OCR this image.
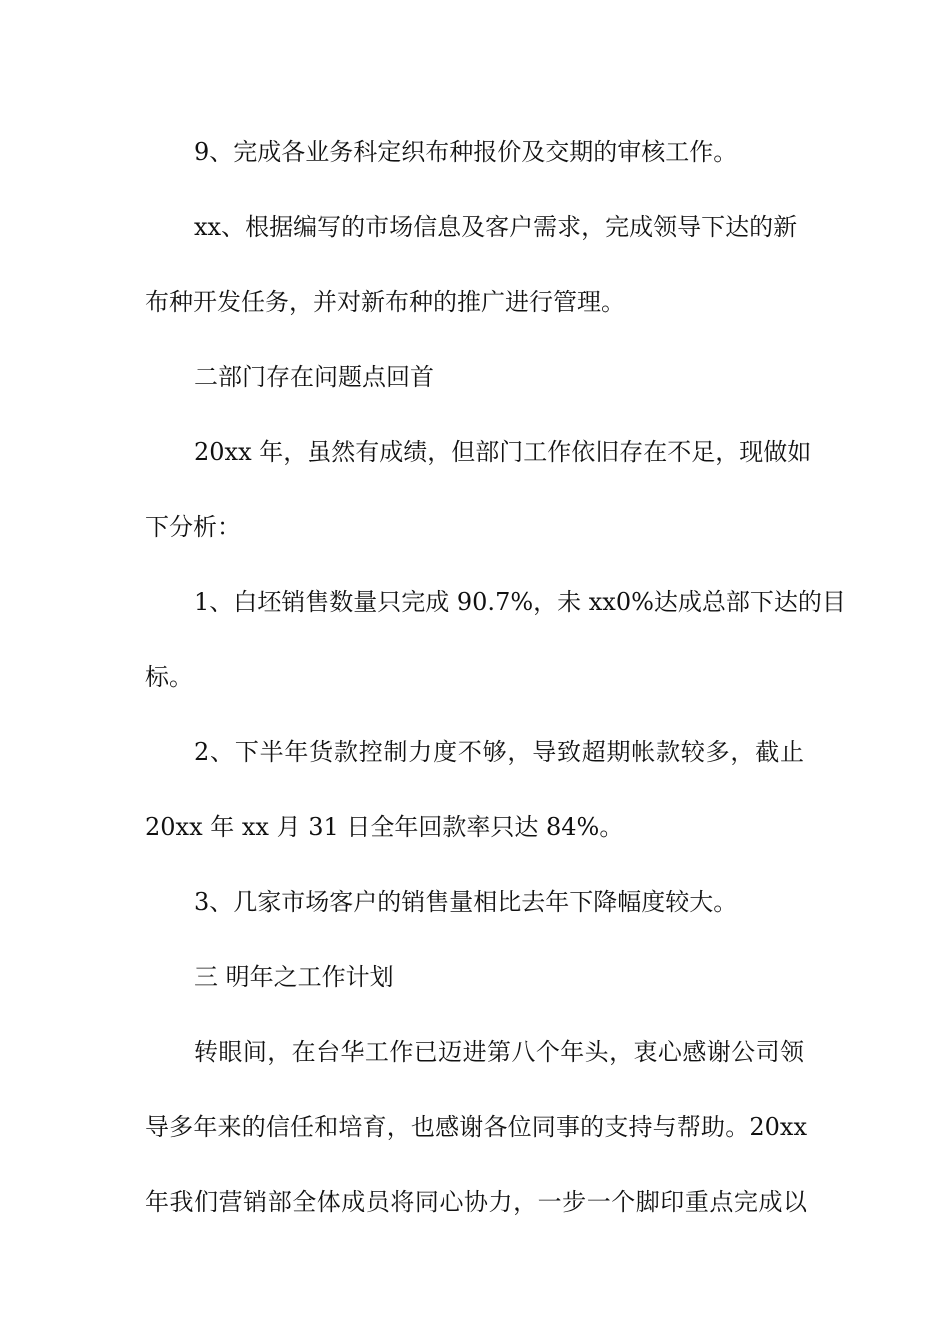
9、完成各业务科定织布种报价及交期的审核工作。
xx、根据编写的市场信息及客户需求，完成领导下达的新
布种开发任务，并对新布种的推广进行管理。
二部门存在问题点回首
20xx 年，虽然有成绩，但部门工作依旧存在不足，现做如
下分析：
1、白坯销售数量只完成 90.7%，未 xx0%达成总部下达的目
标。
2、下半年货款控制力度不够，导致超期帐款较多，截止
20xx 年 xx 月 31 日全年回款率只达 84%。
3、几家市场客户的销售量相比去年下降幅度较大。
三 明年之工作计划
转眼间，在台华工作已迈进第八个年头，衷心感谢公司领
导多年来的信任和培育，也感谢各位同事的支持与帮助。20xx
年我们营销部全体成员将同心协力，一步一个脚印重点完成以
